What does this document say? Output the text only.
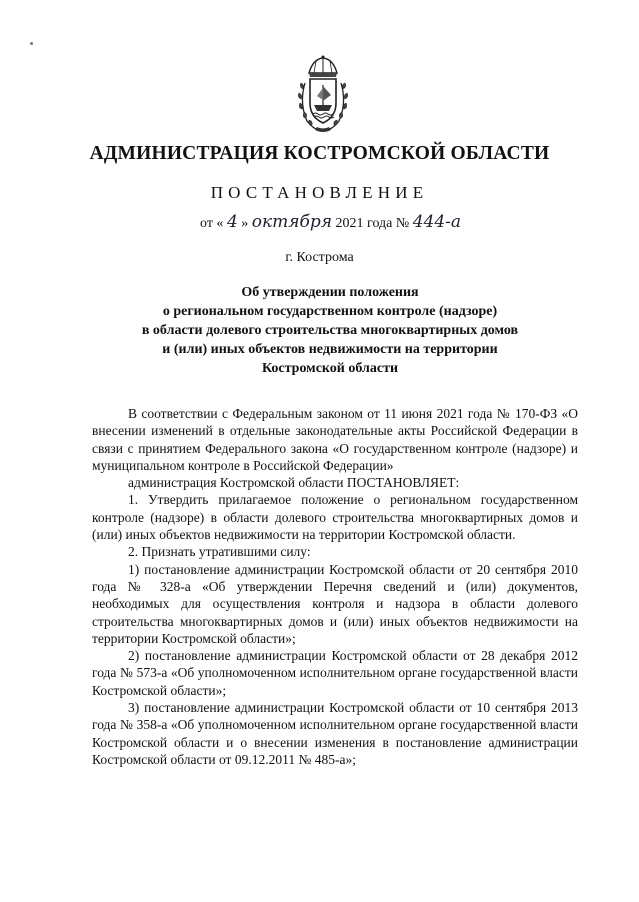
АДМИНИСТРАЦИЯ КОСТРОМСКОЙ ОБЛАСТИ
ПОСТАНОВЛЕНИЕ
от « 4 » октября 2021 года № 444-а
г. Кострома
Об утверждении положения
о региональном государственном контроле (надзоре)
в области долевого строительства многоквартирных домов
и (или) иных объектов недвижимости на территории
Костромской области

В соответствии с Федеральным законом от 11 июня 2021 года № 170-ФЗ «О внесении изменений в отдельные законодательные акты Российской Федерации в связи с принятием Федерального закона «О государственном контроле (надзоре) и муниципальном контроле в Российской Федерации»

администрация Костромской области ПОСТАНОВЛЯЕТ:

1. Утвердить прилагаемое положение о региональном государственном контроле (надзоре) в области долевого строительства многоквартирных домов и (или) иных объектов недвижимости на территории Костромской области.

2. Признать утратившими силу:

1) постановление администрации Костромской области от 20 сентября 2010 года № 328-а «Об утверждении Перечня сведений и (или) документов, необходимых для осуществления контроля и надзора в области долевого строительства многоквартирных домов и (или) иных объектов недвижимости на территории Костромской области»;

2) постановление администрации Костромской области от 28 декабря 2012 года № 573-а «Об уполномоченном исполнительном органе государственной власти Костромской области»;

3) постановление администрации Костромской области от 10 сентября 2013 года № 358-а «Об уполномоченном исполнительном органе государственной власти Костромской области и о внесении изменения в постановление администрации Костромской области от 09.12.2011 № 485-а»;
